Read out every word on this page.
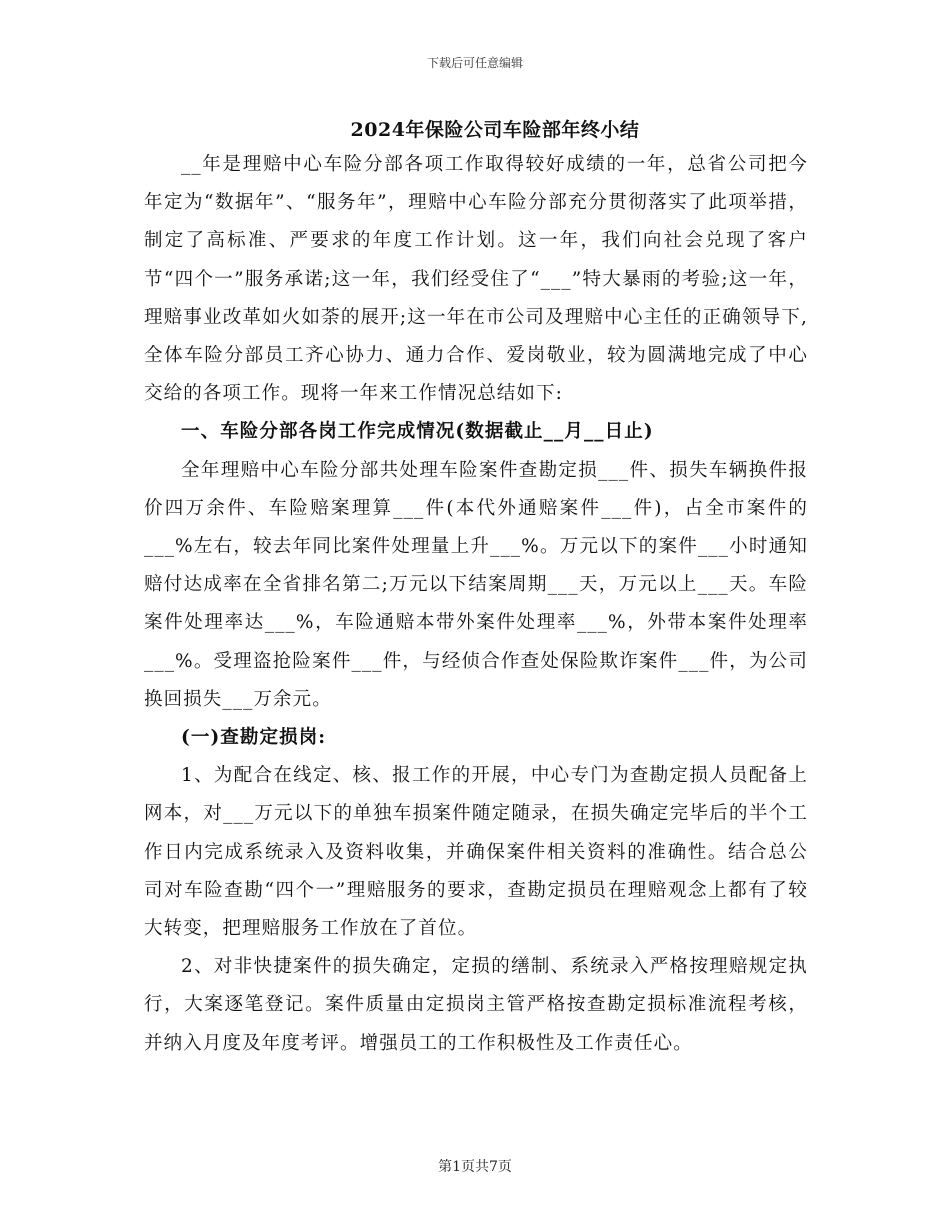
下载后可任意编辑
2024年保险公司车险部年终小结

__年是理赔中心车险分部各项工作取得较好成绩的一年，总省公司把今年定为“数据年”、“服务年”，理赔中心车险分部充分贯彻落实了此项举措，制定了高标准、严要求的年度工作计划。这一年，我们向社会兑现了客户节“四个一”服务承诺;这一年，我们经受住了“___”特大暴雨的考验;这一年，理赔事业改革如火如荼的展开;这一年在市公司及理赔中心主任的正确领导下,全体车险分部员工齐心协力、通力合作、爱岗敬业，较为圆满地完成了中心交给的各项工作。现将一年来工作情况总结如下:

一、车险分部各岗工作完成情况(数据截止__月__日止)

全年理赔中心车险分部共处理车险案件查勘定损___件、损失车辆换件报价四万余件、车险赔案理算___件(本代外通赔案件___件)，占全市案件的___%左右，较去年同比案件处理量上升___%。万元以下的案件___小时通知赔付达成率在全省排名第二;万元以下结案周期___天，万元以上___天。车险案件处理率达___%，车险通赔本带外案件处理率___%，外带本案件处理率___%。受理盗抢险案件___件，与经侦合作查处保险欺诈案件___件，为公司换回损失___万余元。

(一)查勘定损岗:

1、为配合在线定、核、报工作的开展，中心专门为查勘定损人员配备上网本，对___万元以下的单独车损案件随定随录，在损失确定完毕后的半个工作日内完成系统录入及资料收集，并确保案件相关资料的准确性。结合总公司对车险查勘“四个一”理赔服务的要求，查勘定损员在理赔观念上都有了较大转变，把理赔服务工作放在了首位。

2、对非快捷案件的损失确定，定损的缮制、系统录入严格按理赔规定执行，大案逐笔登记。案件质量由定损岗主管严格按查勘定损标准流程考核，并纳入月度及年度考评。增强员工的工作积极性及工作责任心。

第1页共7页
